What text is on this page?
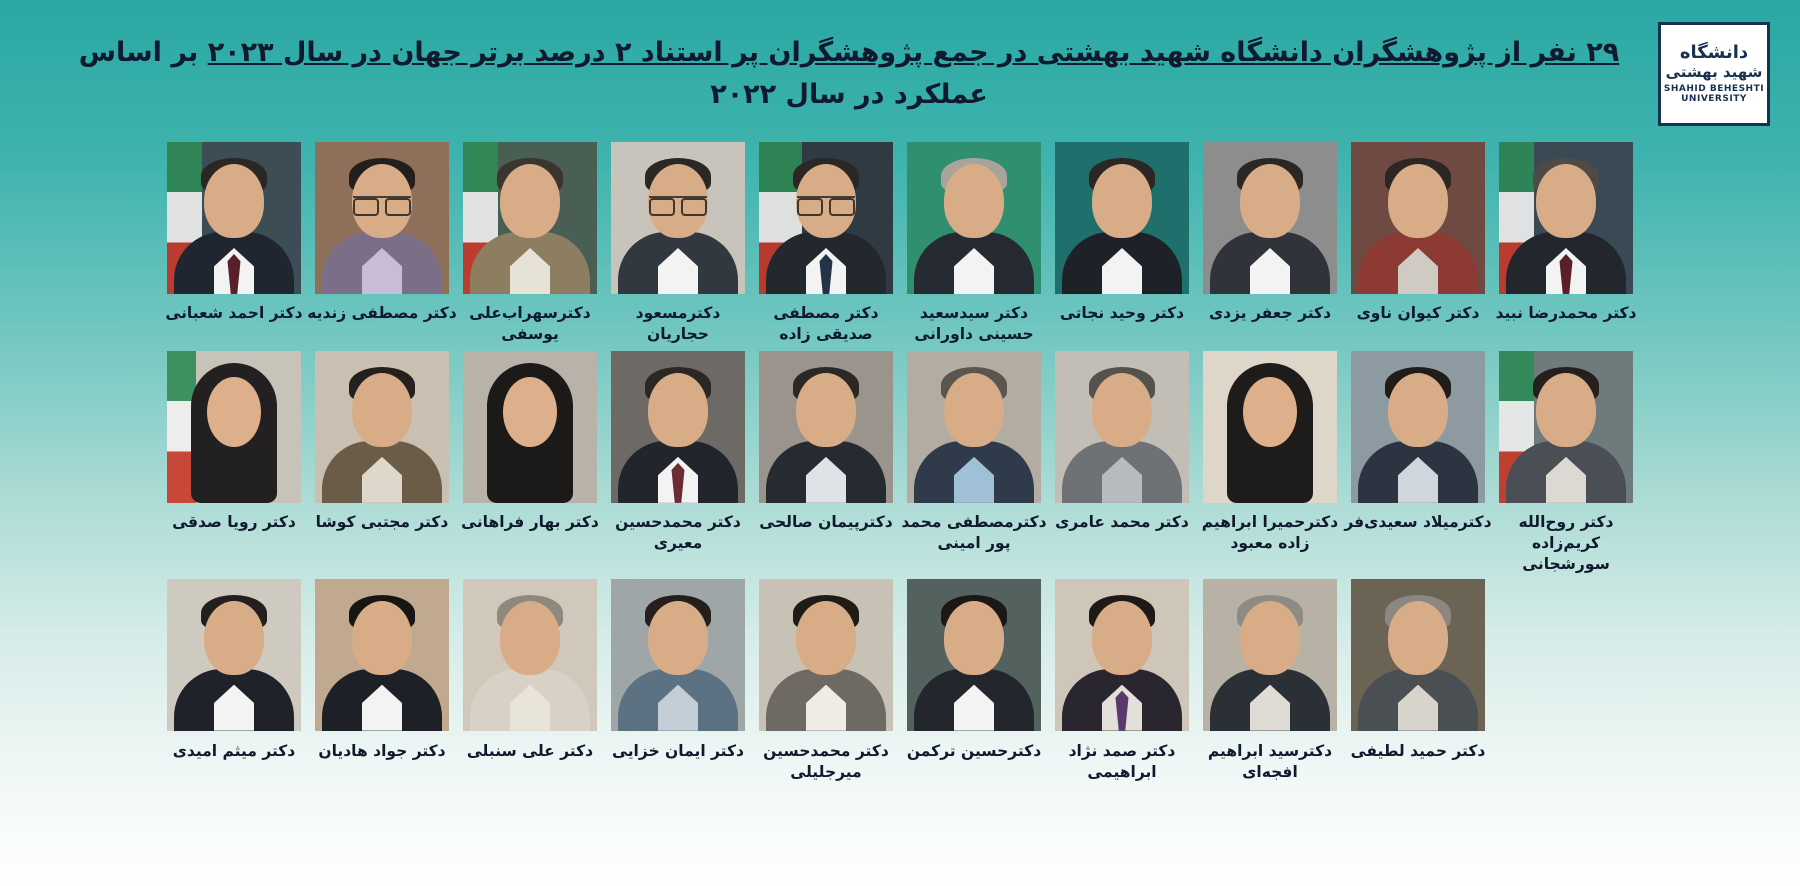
دانشگاه
شهید بهشتی
SHAHID BEHESHTI UNIVERSITY
۲۹ نفر از پژوهشگران دانشگاه شهید بهشتی در جمع پژوهشگران پر استناد ۲ درصد برتر جهان در سال ۲۰۲۳ بر اساس عملکرد در سال ۲۰۲۲
دکتر احمد شعبانی دکتر مصطفی زندیه دکترسهراب‌علی یوسفی
دکترمسعود حجاریان
دکتر مصطفی صدیقی زاده
دکتر سیدسعید حسینی داورانی
دکتر وحید نجاتی	دکتر جعفر یزدی	دکتر کیوان ناوی	دکتر محمدرضا نبید
دکتر رویا صدقی	دکتر مجتبی کوشا دکتر بهار فراهانی	دکتر محمدحسین معیری
دکترپیمان صالحی دکترمصطفی محمد پور امینی
دکتر محمد عامری دکترحمیرا ابراهیم زاده معبود
دکترمیلاد سعیدی‌فر	دکتر روح‌الله کریم‌زاده سورشجانی
دکتر میثم امیدی	دکتر جواد هادیان	دکتر علی سنبلی	دکتر ایمان خزایی	دکتر محمدحسین میرجلیلی
دکترحسین ترکمن	دکتر صمد نژاد ابراهیمی
دکترسید ابراهیم افجه‌ای
دکتر حمید لطیفی
